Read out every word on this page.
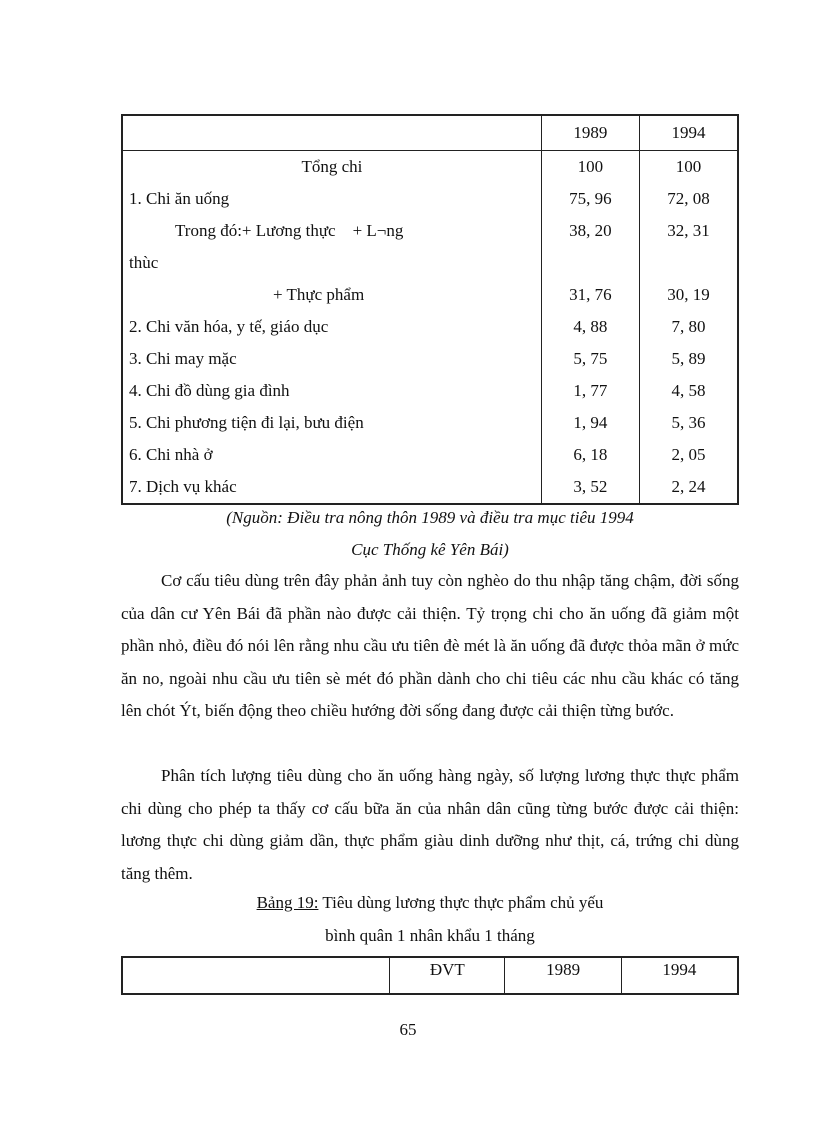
	1989	1994
Tổng chi	100	100
1. Chi ăn uống	75, 96	72, 08
Trong đó:+ Lương thực    + L¬ng	38, 20	32, 31
thùc		
+ Thực phẩm	31, 76	30, 19
2. Chi văn hóa, y tế, giáo dục	4, 88	7, 80
3. Chi may mặc	5, 75	5, 89
4. Chi đồ dùng gia đình	1, 77	4, 58
5. Chi phương tiện đi lại, bưu điện	1, 94	5, 36
6. Chi nhà ở	6, 18	2, 05
7. Dịch vụ khác	3, 52	2, 24
(Nguồn: Điều tra nông thôn 1989 và điều tra mục tiêu 1994
Cục Thống kê Yên Bái)

Cơ cấu tiêu dùng trên đây phản ảnh tuy còn nghèo do thu nhập tăng chậm, đời sống của dân cư Yên Bái đã phần nào được cải thiện. Tỷ trọng chi cho ăn uống đã giảm một phần nhỏ, điều đó nói lên rằng nhu cầu ưu tiên đè mét là ăn uống đã được thỏa mãn ở mức ăn no, ngoài nhu cầu ưu tiên sè mét đó phần dành cho chi tiêu các nhu cầu khác có tăng lên chót Ýt, biến động theo chiều hướng đời sống đang được cải thiện từng bước.

Phân tích lượng tiêu dùng cho ăn uống hàng ngày, số lượng lương thực thực phẩm chi dùng cho phép ta thấy cơ cấu bữa ăn của nhân dân cũng từng bước được cải thiện: lương thực chi dùng giảm dần, thực phẩm giàu dinh dưỡng như thịt, cá, trứng chi dùng tăng thêm.

Bảng 19: Tiêu dùng lương thực thực phẩm chủ yếu
bình quân 1 nhân khẩu 1 tháng
	ĐVT	1989	1994
65
